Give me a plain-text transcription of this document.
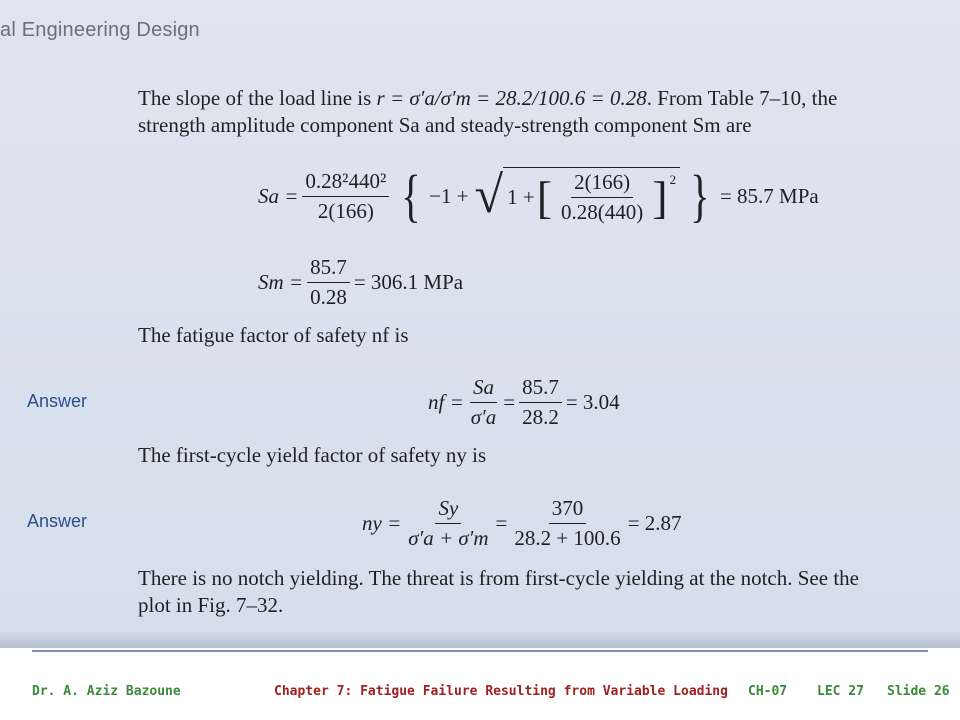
al Engineering Design
The slope of the load line is r = σ′a/σ′m = 28.2/100.6 = 0.28. From Table 7–10, the
strength amplitude component Sa and steady-strength component Sm are
$Sa = \frac{\text{0.28²440²}}{2(166)}$ { −1 + √ 1 + [ $\frac{2(166)}{0.28(440)} ]^2$ } = 85.7 MPa
$Sm = \frac{85.7}{0.28} = 306.1$ MPa
The fatigue factor of safety nf is
Answer	nf = $\frac{Sa}{\sigma'a} = \frac{85.7}{28.2} = 3.04$
The first-cycle yield factor of safety ny is
Answer	ny = $\frac{Sy}{\sigma'a + \sigma'm} = \frac{370}{28.2 + 100.6} = 2.87$
There is no notch yielding. The threat is from first-cycle yielding at the notch. See the
plot in Fig. 7–32.
Dr. A. Aziz Bazoune	Chapter 7: Fatigue Failure Resulting from Variable Loading CH-07 LEC 27 Slide 26
